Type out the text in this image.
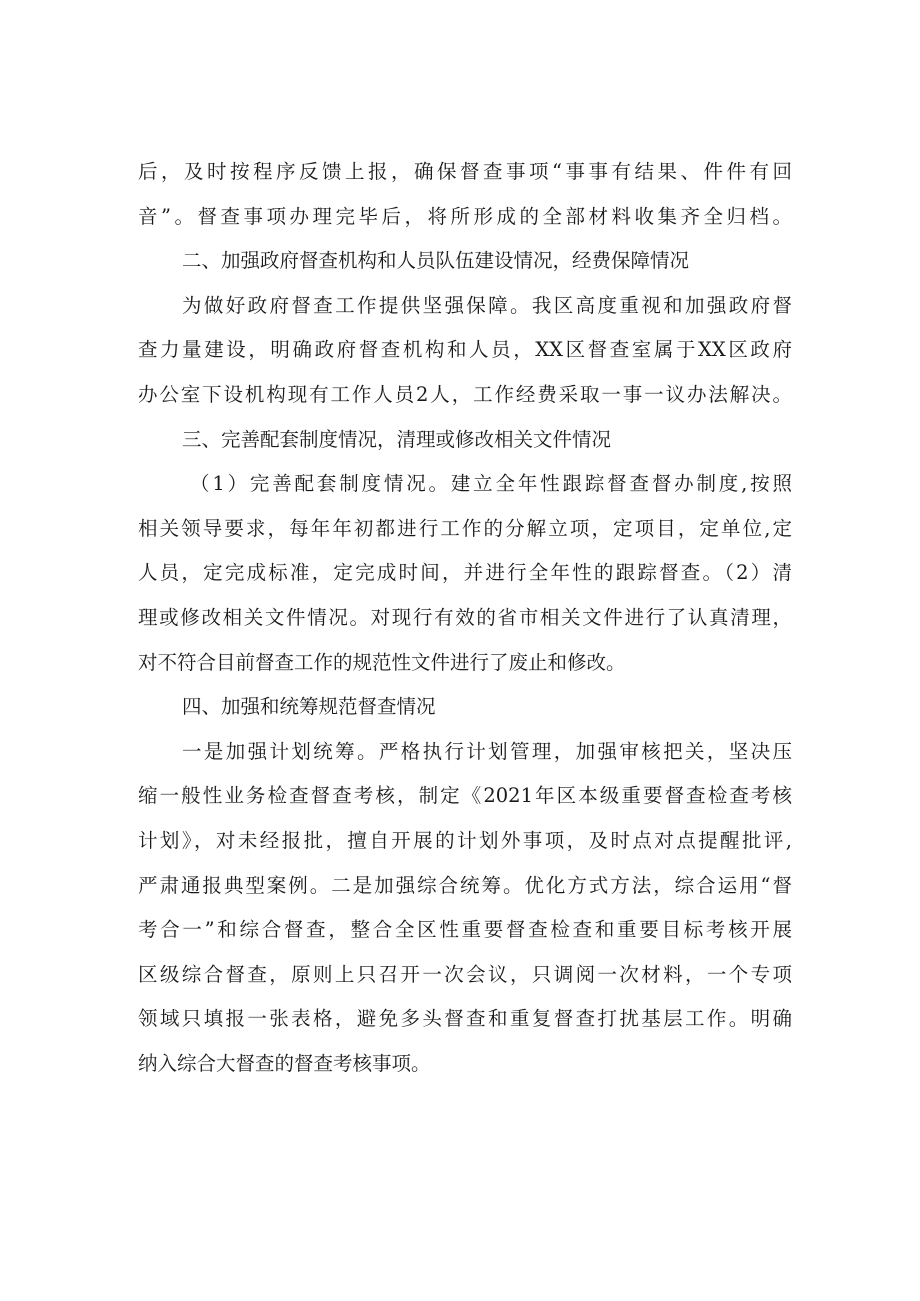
后，及时按程序反馈上报，确保督查事项“事事有结果、件件有回
音”。督查事项办理完毕后，将所形成的全部材料收集齐全归档。
二、加强政府督查机构和人员队伍建设情况，经费保障情况
为做好政府督查工作提供坚强保障。我区高度重视和加强政府督
查力量建设，明确政府督查机构和人员，XX区督查室属于XX区政府
办公室下设机构现有工作人员2人，工作经费采取一事一议办法解决。
三、完善配套制度情况，清理或修改相关文件情况
（1）完善配套制度情况。建立全年性跟踪督查督办制度,按照
相关领导要求，每年年初都进行工作的分解立项，定项目，定单位,定
人员，定完成标准，定完成时间，并进行全年性的跟踪督查。（2）清
理或修改相关文件情况。对现行有效的省市相关文件进行了认真清理，
对不符合目前督查工作的规范性文件进行了废止和修改。
四、加强和统筹规范督查情况
一是加强计划统筹。严格执行计划管理，加强审核把关，坚决压
缩一般性业务检查督查考核，制定《2021年区本级重要督查检查考核
计划》，对未经报批，擅自开展的计划外事项，及时点对点提醒批评,
严肃通报典型案例。二是加强综合统筹。优化方式方法，综合运用“督
考合一”和综合督查，整合全区性重要督查检查和重要目标考核开展
区级综合督查，原则上只召开一次会议，只调阅一次材料，一个专项
领域只填报一张表格，避免多头督查和重复督查打扰基层工作。明确
纳入综合大督查的督查考核事项。
